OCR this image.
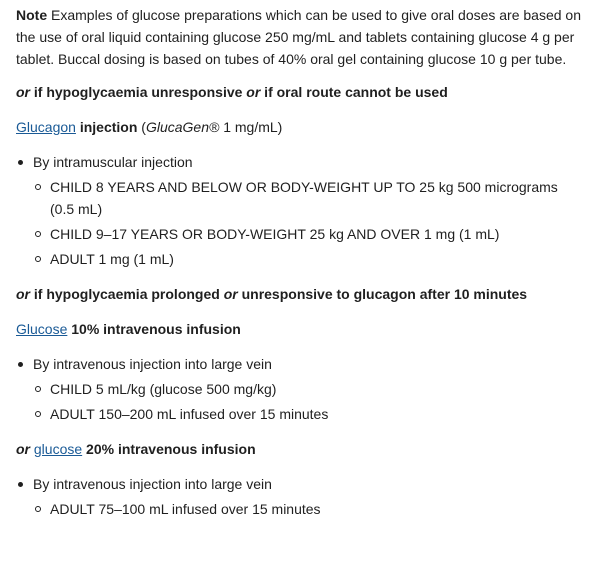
Note Examples of glucose preparations which can be used to give oral doses are based on the use of oral liquid containing glucose 250 mg/mL and tablets containing glucose 4 g per tablet. Buccal dosing is based on tubes of 40% oral gel containing glucose 10 g per tube.

or if hypoglycaemia unresponsive or if oral route cannot be used

Glucagon injection (GlucaGen® 1 mg/mL)

By intramuscular injection
CHILD 8 YEARS AND BELOW OR BODY-WEIGHT UP TO 25 kg 500 micrograms (0.5 mL)
CHILD 9–17 YEARS OR BODY-WEIGHT 25 kg AND OVER 1 mg (1 mL)
ADULT 1 mg (1 mL)

or if hypoglycaemia prolonged or unresponsive to glucagon after 10 minutes

Glucose 10% intravenous infusion

By intravenous injection into large vein
CHILD 5 mL/kg (glucose 500 mg/kg)
ADULT 150–200 mL infused over 15 minutes

or glucose 20% intravenous infusion

By intravenous injection into large vein
ADULT 75–100 mL infused over 15 minutes
